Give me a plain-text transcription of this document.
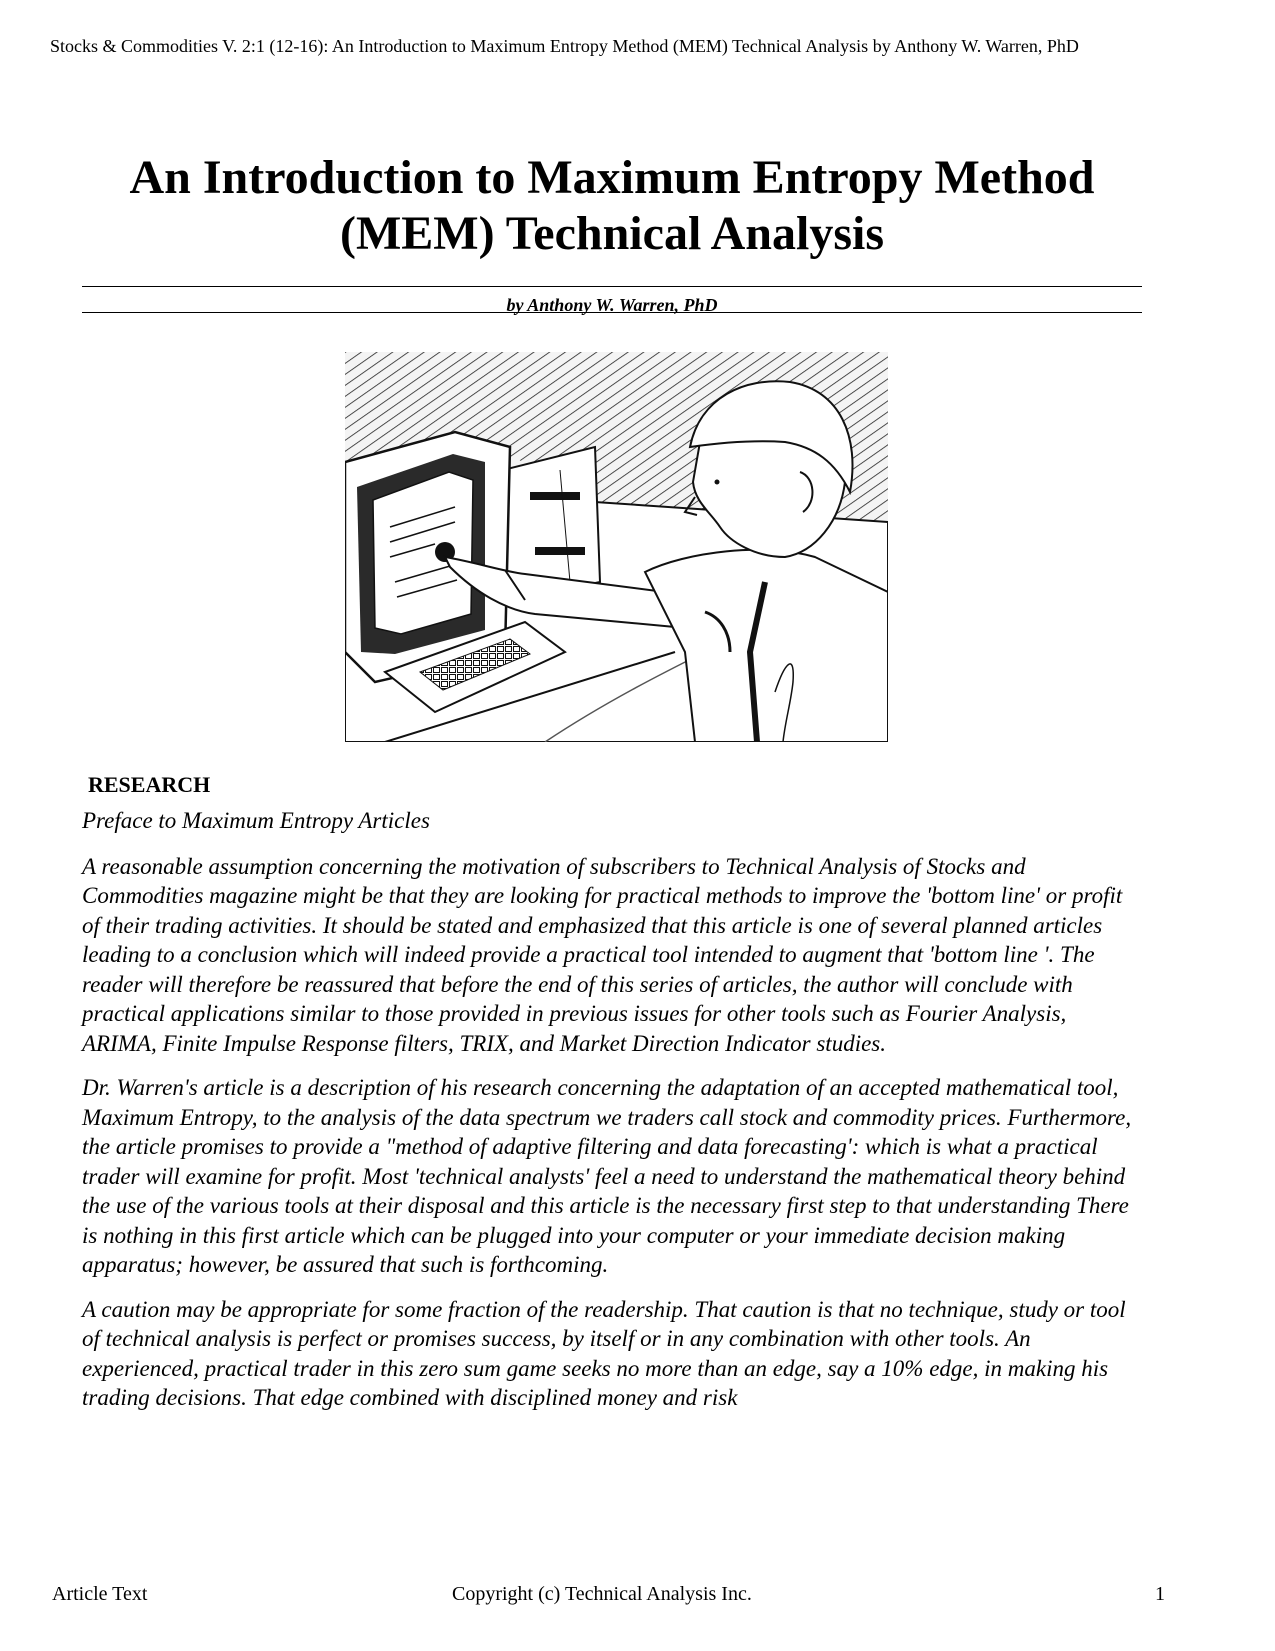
Stocks & Commodities V. 2:1 (12-16): An Introduction to Maximum Entropy Method (MEM) Technical Analysis by Anthony W. Warren, PhD
An Introduction to Maximum Entropy Method
(MEM) Technical Analysis
by Anthony W. Warren, PhD
RESEARCH

Preface to Maximum Entropy Articles

A reasonable assumption concerning the motivation of subscribers to Technical Analysis of Stocks and Commodities magazine might be that they are looking for practical methods to improve the 'bottom line' or profit of their trading activities. It should be stated and emphasized that this article is one of several planned articles leading to a conclusion which will indeed provide a practical tool intended to augment that 'bottom line '. The reader will therefore be reassured that before the end of this series of articles, the author will conclude with practical applications similar to those provided in previous issues for other tools such as Fourier Analysis, ARIMA, Finite Impulse Response filters, TRIX, and Market Direction Indicator studies.

Dr. Warren's article is a description of his research concerning the adaptation of an accepted mathematical tool, Maximum Entropy, to the analysis of the data spectrum we traders call stock and commodity prices. Furthermore, the article promises to provide a "method of adaptive filtering and data forecasting': which is what a practical trader will examine for profit. Most 'technical analysts' feel a need to understand the mathematical theory behind the use of the various tools at their disposal and this article is the necessary first step to that understanding There is nothing in this first article which can be plugged into your computer or your immediate decision making apparatus; however, be assured that such is forthcoming.

A caution may be appropriate for some fraction of the readership. That caution is that no technique, study or tool of technical analysis is perfect or promises success, by itself or in any combination with other tools. An experienced, practical trader in this zero sum game seeks no more than an edge, say a 10% edge, in making his trading decisions. That edge combined with disciplined money and risk

Article Text	Copyright (c) Technical Analysis Inc.	1
